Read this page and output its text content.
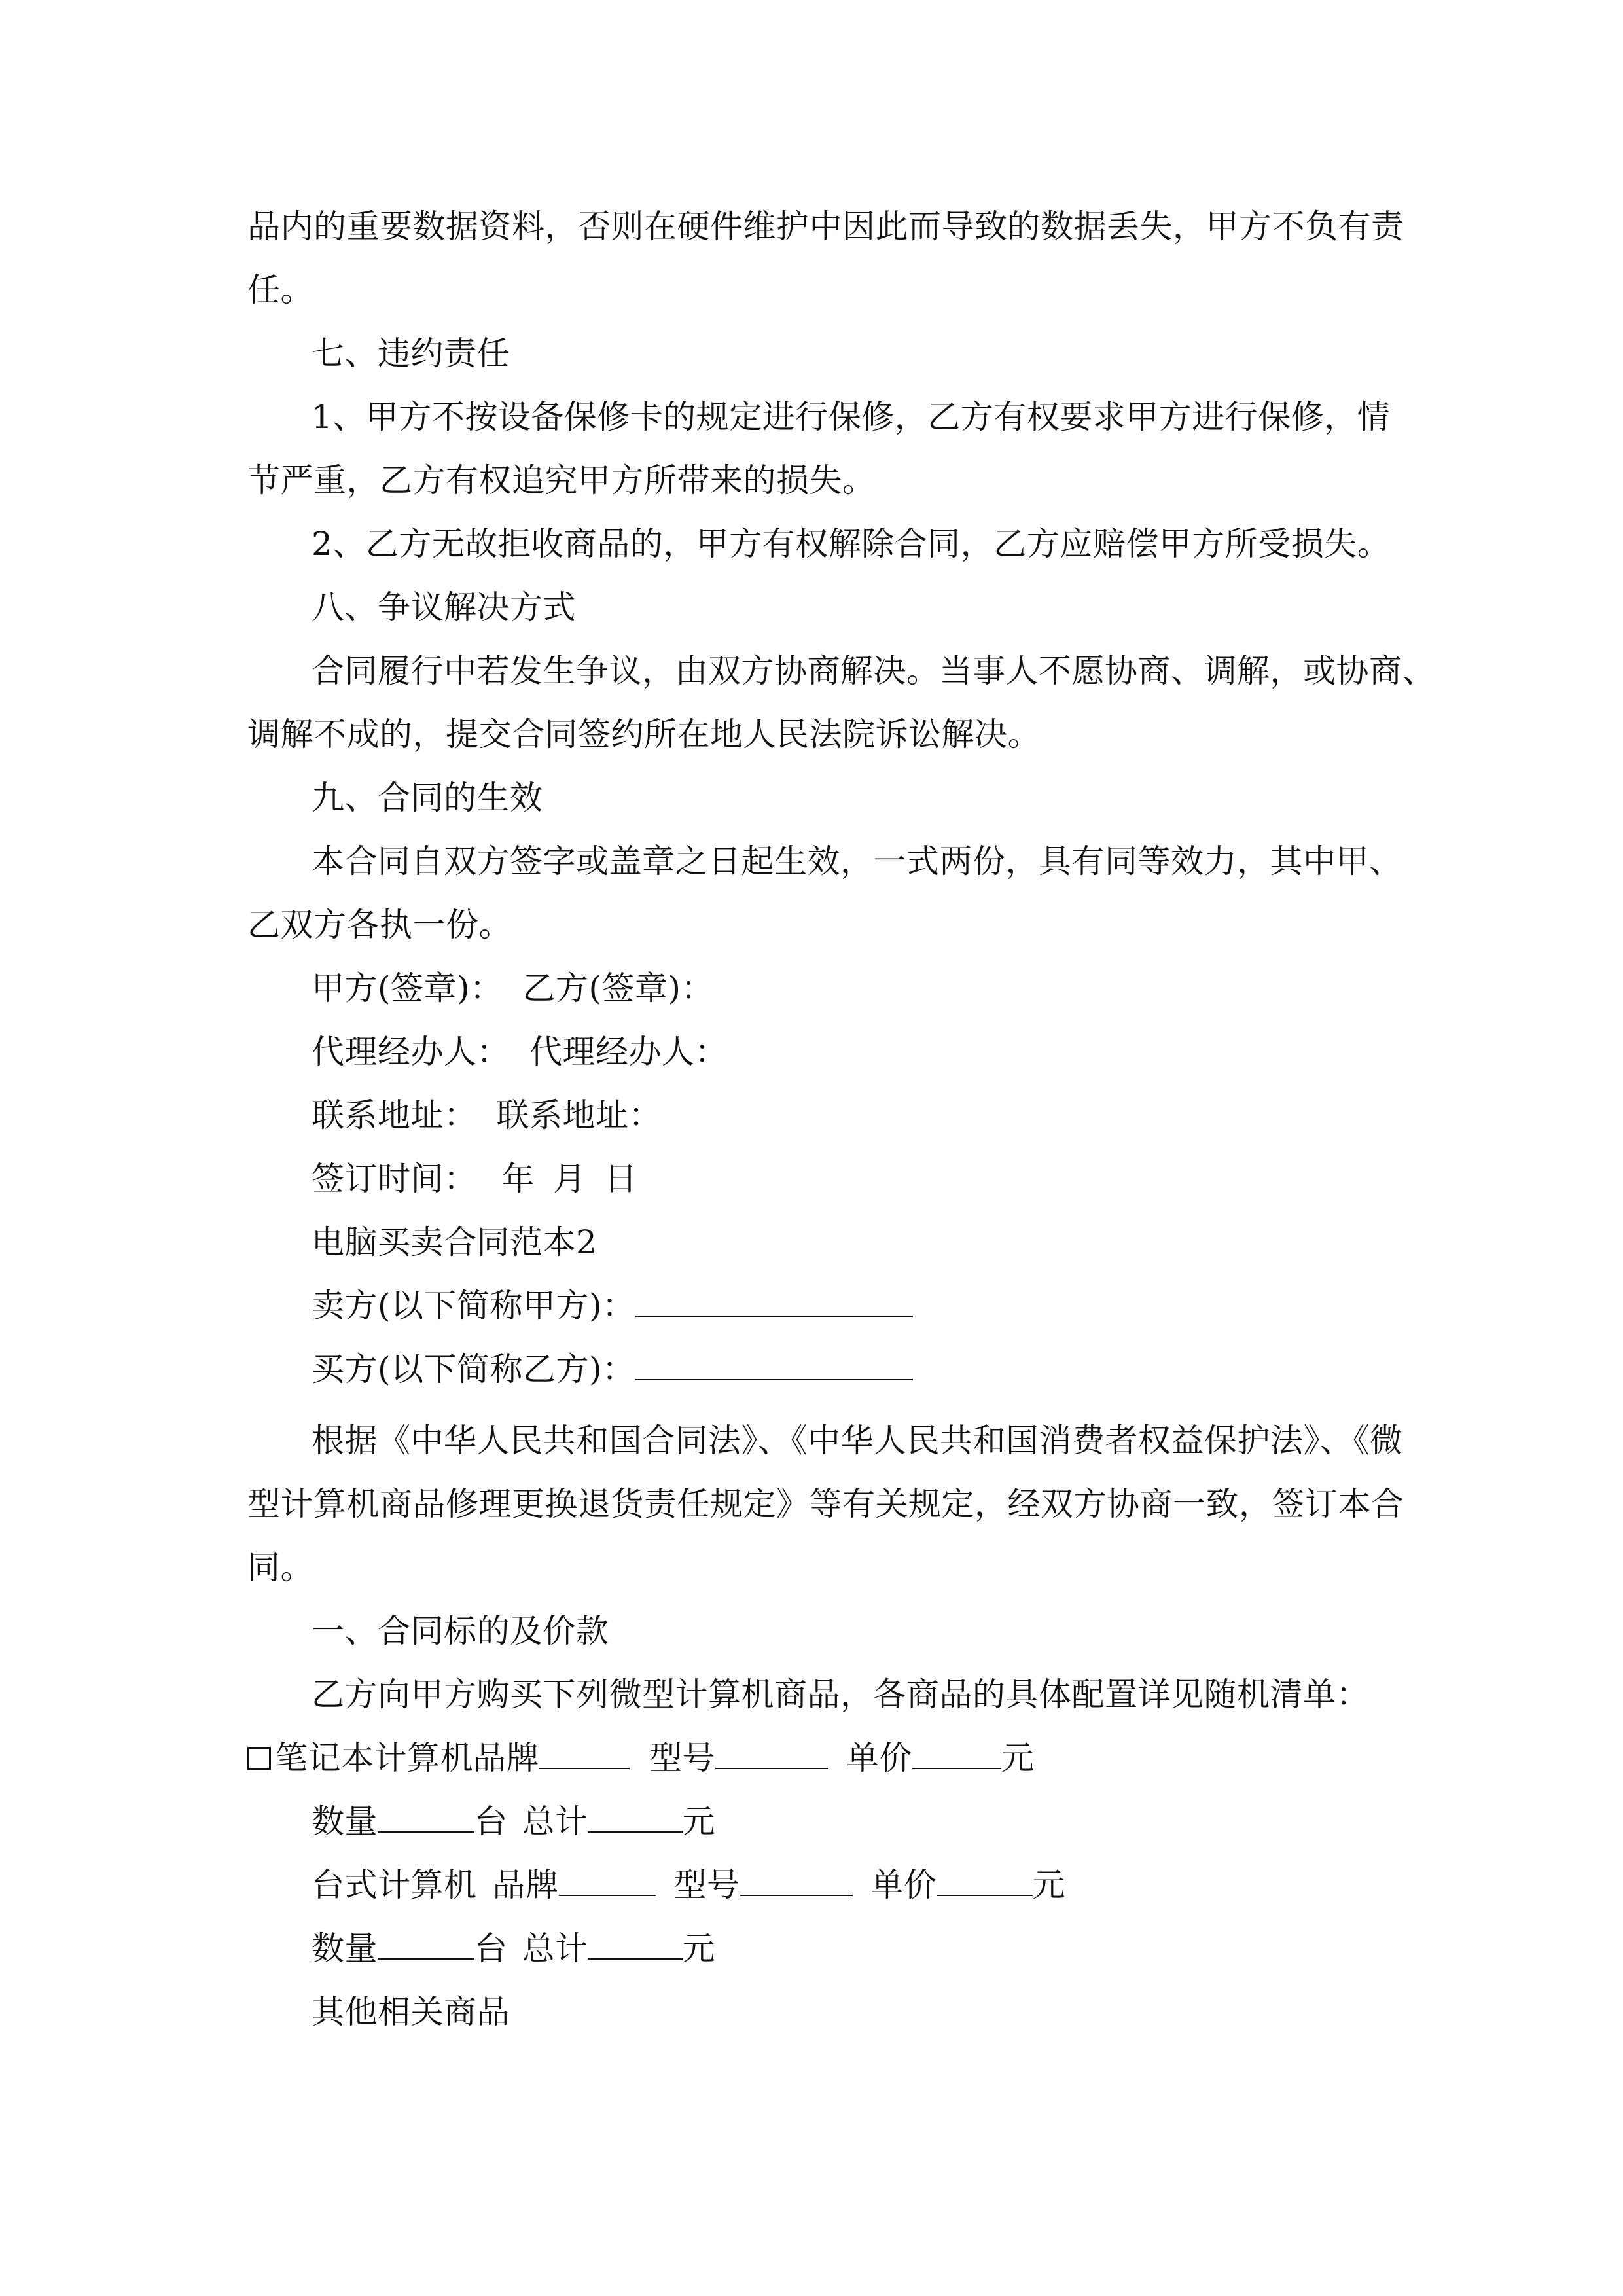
品内的重要数据资料，否则在硬件维护中因此而导致的数据丢失，甲方不负有责
任。
七、违约责任
1、甲方不按设备保修卡的规定进行保修，乙方有权要求甲方进行保修，情
节严重，乙方有权追究甲方所带来的损失。
2、乙方无故拒收商品的，甲方有权解除合同，乙方应赔偿甲方所受损失。
八、争议解决方式
合同履行中若发生争议，由双方协商解决。当事人不愿协商、调解，或协商、
调解不成的，提交合同签约所在地人民法院诉讼解决。
九、合同的生效
本合同自双方签字或盖章之日起生效，一式两份，具有同等效力，其中甲、
乙双方各执一份。
甲方(签章)： 乙方(签章)：
代理经办人： 代理经办人：
联系地址： 联系地址：
签订时间： 年 月 日
电脑买卖合同范本2
卖方(以下简称甲方)：
买方(以下简称乙方)：
根据《中华人民共和国合同法》、《中华人民共和国消费者权益保护法》、《微
型计算机商品修理更换退货责任规定》等有关规定，经双方协商一致，签订本合
同。
一、合同标的及价款
乙方向甲方购买下列微型计算机商品，各商品的具体配置详见随机清单：
笔记本计算机品牌	型号	单价	元
数量	台 总计	元
台式计算机 品牌	型号	单价	元
数量	台 总计	元
其他相关商品
